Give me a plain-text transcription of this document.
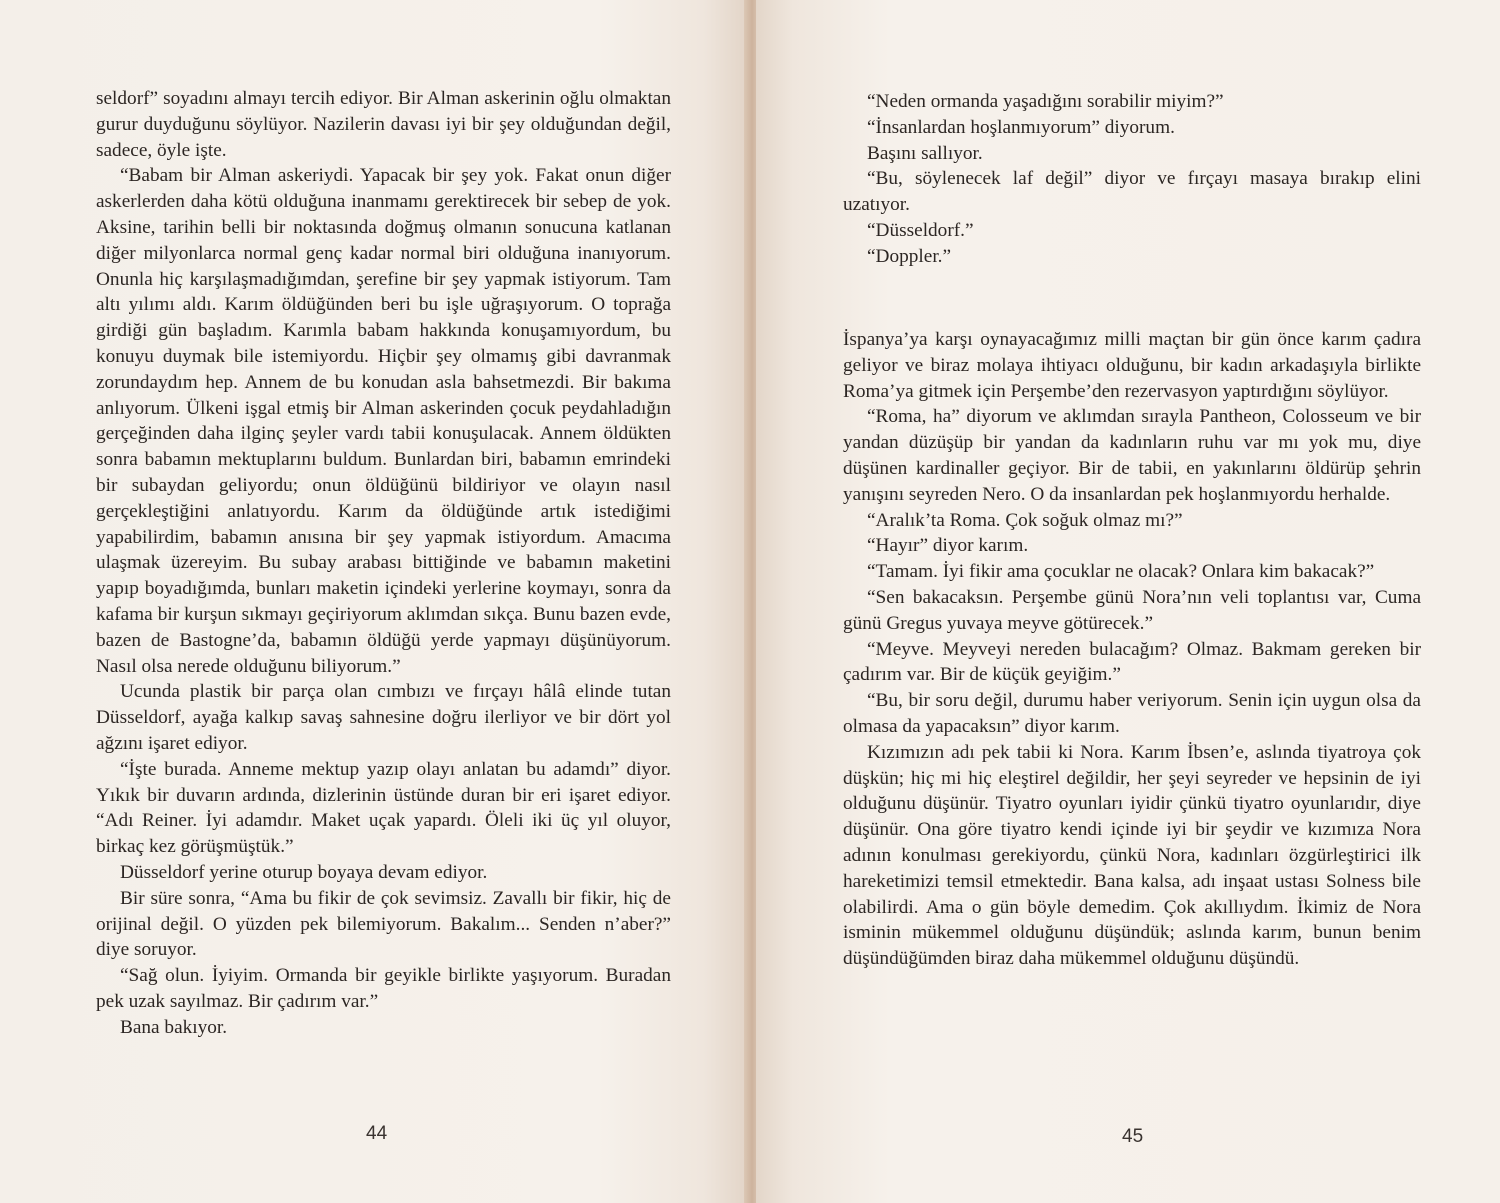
seldorf” soyadını almayı tercih ediyor. Bir Alman askerinin oğlu olmaktan gurur duyduğunu söylüyor. Nazilerin davası iyi bir şey olduğundan değil, sadece, öyle işte.

“Babam bir Alman askeriydi. Yapacak bir şey yok. Fakat onun diğer askerlerden daha kötü olduğuna inanmamı gerektirecek bir sebep de yok. Aksine, tarihin belli bir noktasında doğmuş olmanın sonucuna katlanan diğer milyonlarca normal genç kadar normal biri olduğuna inanıyorum. Onunla hiç karşılaşmadığımdan, şerefine bir şey yapmak istiyorum. Tam altı yılımı aldı. Karım öldüğünden beri bu işle uğraşıyorum. O toprağa girdiği gün başladım. Karımla babam hakkında konuşamıyordum, bu konuyu duymak bile istemiyordu. Hiçbir şey olmamış gibi davranmak zorundaydım hep. Annem de bu konudan asla bahsetmezdi. Bir bakıma anlıyorum. Ülkeni işgal etmiş bir Alman askerinden çocuk peydahladığın gerçeğinden daha ilginç şeyler vardı tabii konuşulacak. Annem öldükten sonra babamın mektuplarını buldum. Bunlardan biri, babamın emrindeki bir subaydan geliyordu; onun öldüğünü bildiriyor ve olayın nasıl gerçekleştiğini anlatıyordu. Karım da öldüğünde artık istediğimi yapabilirdim, babamın anısına bir şey yapmak istiyordum. Amacıma ulaşmak üzereyim. Bu subay arabası bittiğinde ve babamın maketini yapıp boyadığımda, bunları maketin içindeki yerlerine koymayı, sonra da kafama bir kurşun sıkmayı geçiriyorum aklımdan sıkça. Bunu bazen evde, bazen de Bastogne’da, babamın öldüğü yerde yapmayı düşünüyorum. Nasıl olsa nerede olduğunu biliyorum.”

Ucunda plastik bir parça olan cımbızı ve fırçayı hâlâ elinde tutan Düsseldorf, ayağa kalkıp savaş sahnesine doğru ilerliyor ve bir dört yol ağzını işaret ediyor.

“İşte burada. Anneme mektup yazıp olayı anlatan bu adamdı” diyor. Yıkık bir duvarın ardında, dizlerinin üstünde duran bir eri işaret ediyor. “Adı Reiner. İyi adamdır. Maket uçak yapardı. Öleli iki üç yıl oluyor, birkaç kez görüşmüştük.”

Düsseldorf yerine oturup boyaya devam ediyor.

Bir süre sonra, “Ama bu fikir de çok sevimsiz. Zavallı bir fikir, hiç de orijinal değil. O yüzden pek bilemiyorum. Bakalım... Senden n’aber?” diye soruyor.

“Sağ olun. İyiyim. Ormanda bir geyikle birlikte yaşıyorum. Buradan pek uzak sayılmaz. Bir çadırım var.”

Bana bakıyor.

44

“Neden ormanda yaşadığını sorabilir miyim?”

“İnsanlardan hoşlanmıyorum” diyorum.

Başını sallıyor.

“Bu, söylenecek laf değil” diyor ve fırçayı masaya bırakıp elini uzatıyor.

“Düsseldorf.”

“Doppler.”

İspanya’ya karşı oynayacağımız milli maçtan bir gün önce karım çadıra geliyor ve biraz molaya ihtiyacı olduğunu, bir kadın arkadaşıyla birlikte Roma’ya gitmek için Perşembe’den rezervasyon yaptırdığını söylüyor.

“Roma, ha” diyorum ve aklımdan sırayla Pantheon, Colosseum ve bir yandan düzüşüp bir yandan da kadınların ruhu var mı yok mu, diye düşünen kardinaller geçiyor. Bir de tabii, en yakınlarını öldürüp şehrin yanışını seyreden Nero. O da insanlardan pek hoşlanmıyordu herhalde.

“Aralık’ta Roma. Çok soğuk olmaz mı?”

“Hayır” diyor karım.

“Tamam. İyi fikir ama çocuklar ne olacak? Onlara kim bakacak?”

“Sen bakacaksın. Perşembe günü Nora’nın veli toplantısı var, Cuma günü Gregus yuvaya meyve götürecek.”

“Meyve. Meyveyi nereden bulacağım? Olmaz. Bakmam gereken bir çadırım var. Bir de küçük geyiğim.”

“Bu, bir soru değil, durumu haber veriyorum. Senin için uygun olsa da olmasa da yapacaksın” diyor karım.

Kızımızın adı pek tabii ki Nora. Karım İbsen’e, aslında tiyatroya çok düşkün; hiç mi hiç eleştirel değildir, her şeyi seyreder ve hepsinin de iyi olduğunu düşünür. Tiyatro oyunları iyidir çünkü tiyatro oyunlarıdır, diye düşünür. Ona göre tiyatro kendi içinde iyi bir şeydir ve kızımıza Nora adının konulması gerekiyordu, çünkü Nora, kadınları özgürleştirici ilk hareketimizi temsil etmektedir. Bana kalsa, adı inşaat ustası Solness bile olabilirdi. Ama o gün böyle demedim. Çok akıllıydım. İkimiz de Nora isminin mükemmel olduğunu düşündük; aslında karım, bunun benim düşündüğümden biraz daha mükemmel olduğunu düşündü.

45
